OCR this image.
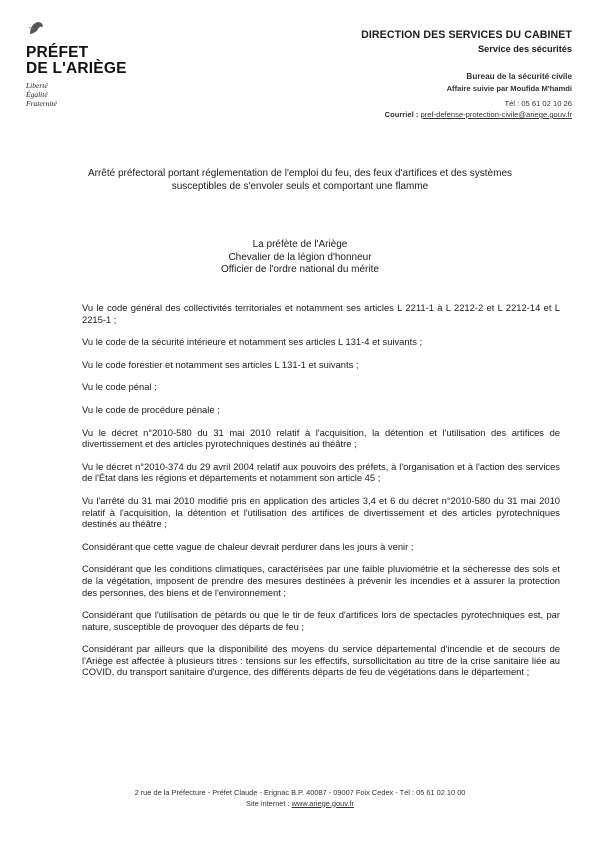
PRÉFET
DE L'ARIÈGE
Liberté
Égalité
Fraternité
DIRECTION DES SERVICES DU CABINET
Service des sécurités
Bureau de la sécurité civile
Affaire suivie par Moufida M'hamdi
Tél : 05 61 02 10 26
Courriel : pref-defense-protection-civile@ariege.gouv.fr
Arrêté préfectoral portant réglementation de l'emploi du feu, des feux d'artifices et des systèmes
susceptibles de s'envoler seuls et comportant une flamme
La préfète de l'Ariège
Chevalier de la légion d'honneur
Officier de l'ordre national du mérite

Vu le code général des collectivités territoriales et notamment ses articles L 2211-1 à L 2212-2 et L 2212-14 et L 2215-1 ;

Vu le code de la sécurité intérieure et notamment ses articles L 131-4 et suivants ;

Vu le code forestier et notamment ses articles L 131-1 et suivants ;

Vu le code pénal ;

Vu le code de procédure pénale ;

Vu le décret n°2010-580 du 31 mai 2010 relatif à l'acquisition, la détention et l'utilisation des artifices de divertissement et des articles pyrotechniques destinés au théâtre ;

Vu le décret n°2010-374 du 29 avril 2004 relatif aux pouvoirs des préfets, à l'organisation et à l'action des services de l'État dans les régions et départements et notamment son article 45 ;

Vu l'arrêté du 31 mai 2010 modifié pris en application des articles 3,4 et 6 du décret n°2010-580 du 31 mai 2010 relatif à l'acquisition, la détention et l'utilisation des artifices de divertissement et des articles pyrotechniques destinés au théâtre ;

Considérant que cette vague de chaleur devrait perdurer dans les jours à venir ;

Considérant que les conditions climatiques, caractérisées par une faible pluviométrie et la sécheresse des sols et de la végétation, imposent de prendre des mesures destinées à prévenir les incendies et à assurer la protection des personnes, des biens et de l'environnement ;

Considérant que l'utilisation de pétards ou que le tir de feux d'artifices lors de spectacles pyrotechniques est, par nature, susceptible de provoquer des départs de feu ;

Considérant par ailleurs que la disponibilité des moyens du service départemental d'incendie et de secours de l'Ariège est affectée à plusieurs titres : tensions sur les effectifs, sursollicitation au titre de la crise sanitaire liée au COVID, du transport sanitaire d'urgence, des différents départs de feu de végétations dans le département ;

2 rue de la Préfecture - Préfet Claude - Erignac B.P. 40087 - 09007 Foix Cedex - Tél : 05 61 02 10 00
Site internet : www.ariege.gouv.fr
